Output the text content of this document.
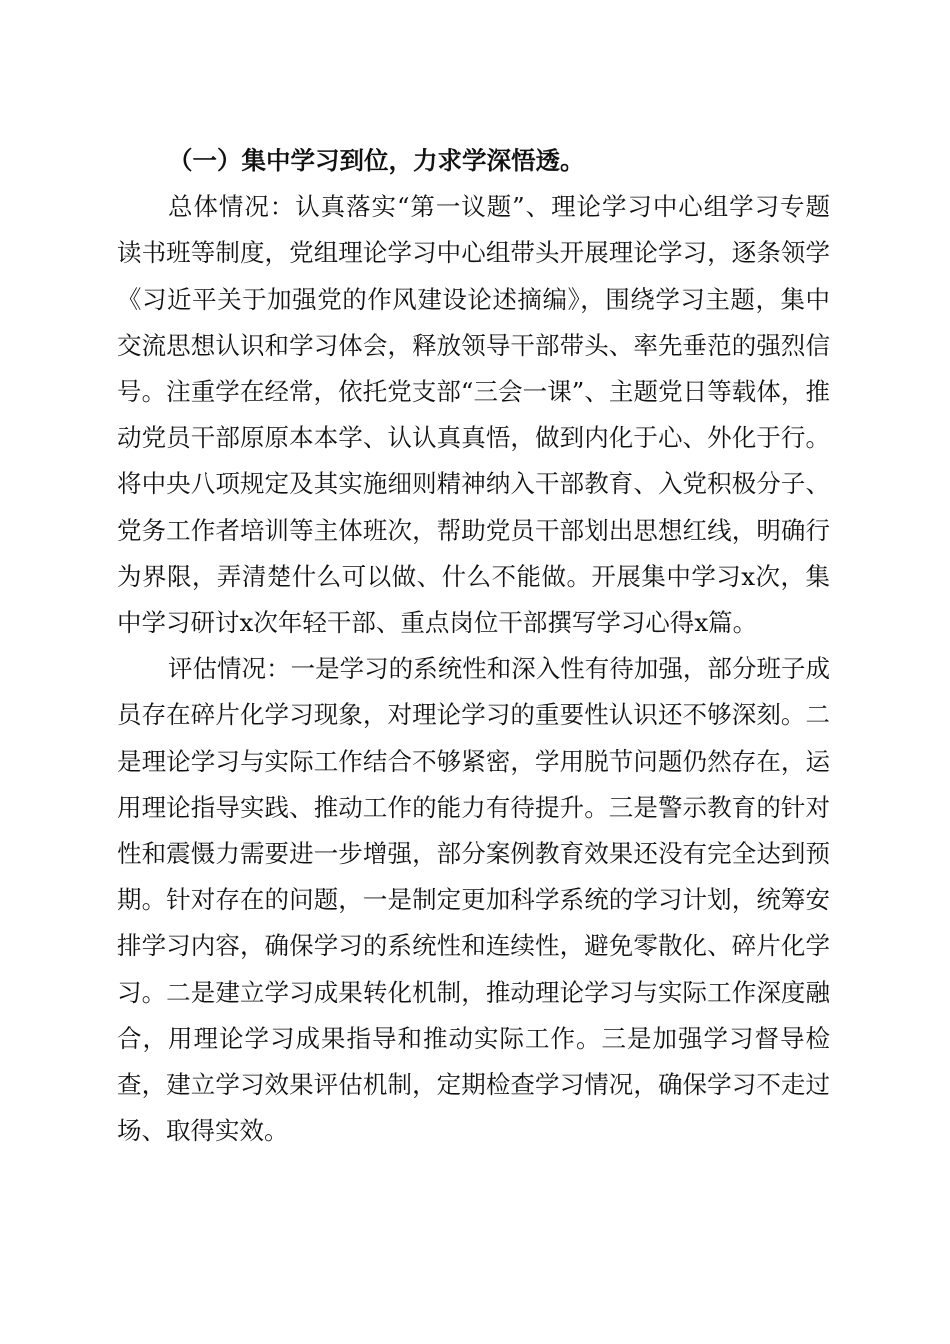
（一）集中学习到位，力求学深悟透。

总体情况：认真落实“第一议题”、理论学习中心组学习专题读书班等制度，党组理论学习中心组带头开展理论学习，逐条领学《习近平关于加强党的作风建设论述摘编》，围绕学习主题，集中交流思想认识和学习体会，释放领导干部带头、率先垂范的强烈信号。注重学在经常，依托党支部“三会一课”、主题党日等载体，推动党员干部原原本本学、认认真真悟，做到内化于心、外化于行。将中央八项规定及其实施细则精神纳入干部教育、入党积极分子、党务工作者培训等主体班次，帮助党员干部划出思想红线，明确行为界限，弄清楚什么可以做、什么不能做。开展集中学习x次，集中学习研讨x次年轻干部、重点岗位干部撰写学习心得x篇。

评估情况：一是学习的系统性和深入性有待加强，部分班子成员存在碎片化学习现象，对理论学习的重要性认识还不够深刻。二是理论学习与实际工作结合不够紧密，学用脱节问题仍然存在，运用理论指导实践、推动工作的能力有待提升。三是警示教育的针对性和震慑力需要进一步增强，部分案例教育效果还没有完全达到预期。针对存在的问题，一是制定更加科学系统的学习计划，统筹安排学习内容，确保学习的系统性和连续性，避免零散化、碎片化学习。二是建立学习成果转化机制，推动理论学习与实际工作深度融合，用理论学习成果指导和推动实际工作。三是加强学习督导检查，建立学习效果评估机制，定期检查学习情况，确保学习不走过场、取得实效。
